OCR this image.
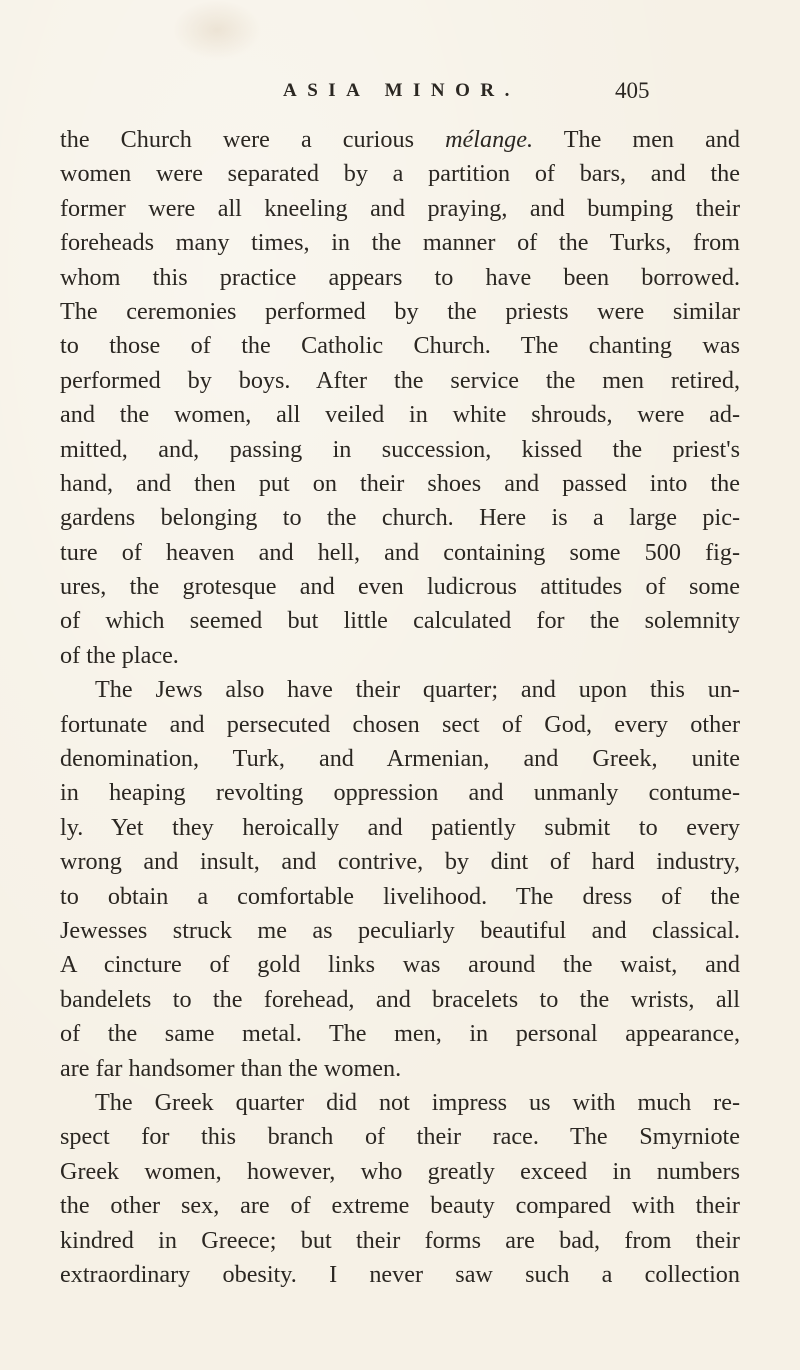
ASIA MINOR.	405
the Church were a curious mélange. The men and
women were separated by a partition of bars, and the
former were all kneeling and praying, and bumping their
foreheads many times, in the manner of the Turks, from
whom this practice appears to have been borrowed.
The ceremonies performed by the priests were similar
to those of the Catholic Church. The chanting was
performed by boys. After the service the men retired,
and the women, all veiled in white shrouds, were ad-
mitted, and, passing in succession, kissed the priest's
hand, and then put on their shoes and passed into the
gardens belonging to the church. Here is a large pic-
ture of heaven and hell, and containing some 500 fig-
ures, the grotesque and even ludicrous attitudes of some
of which seemed but little calculated for the solemnity
of the place.
The Jews also have their quarter; and upon this un-
fortunate and persecuted chosen sect of God, every other
denomination, Turk, and Armenian, and Greek, unite
in heaping revolting oppression and unmanly contume-
ly. Yet they heroically and patiently submit to every
wrong and insult, and contrive, by dint of hard industry,
to obtain a comfortable livelihood. The dress of the
Jewesses struck me as peculiarly beautiful and classical.
A cincture of gold links was around the waist, and
bandelets to the forehead, and bracelets to the wrists, all
of the same metal. The men, in personal appearance,
are far handsomer than the women.
The Greek quarter did not impress us with much re-
spect for this branch of their race. The Smyrniote
Greek women, however, who greatly exceed in numbers
the other sex, are of extreme beauty compared with their
kindred in Greece; but their forms are bad, from their
extraordinary obesity. I never saw such a collection
